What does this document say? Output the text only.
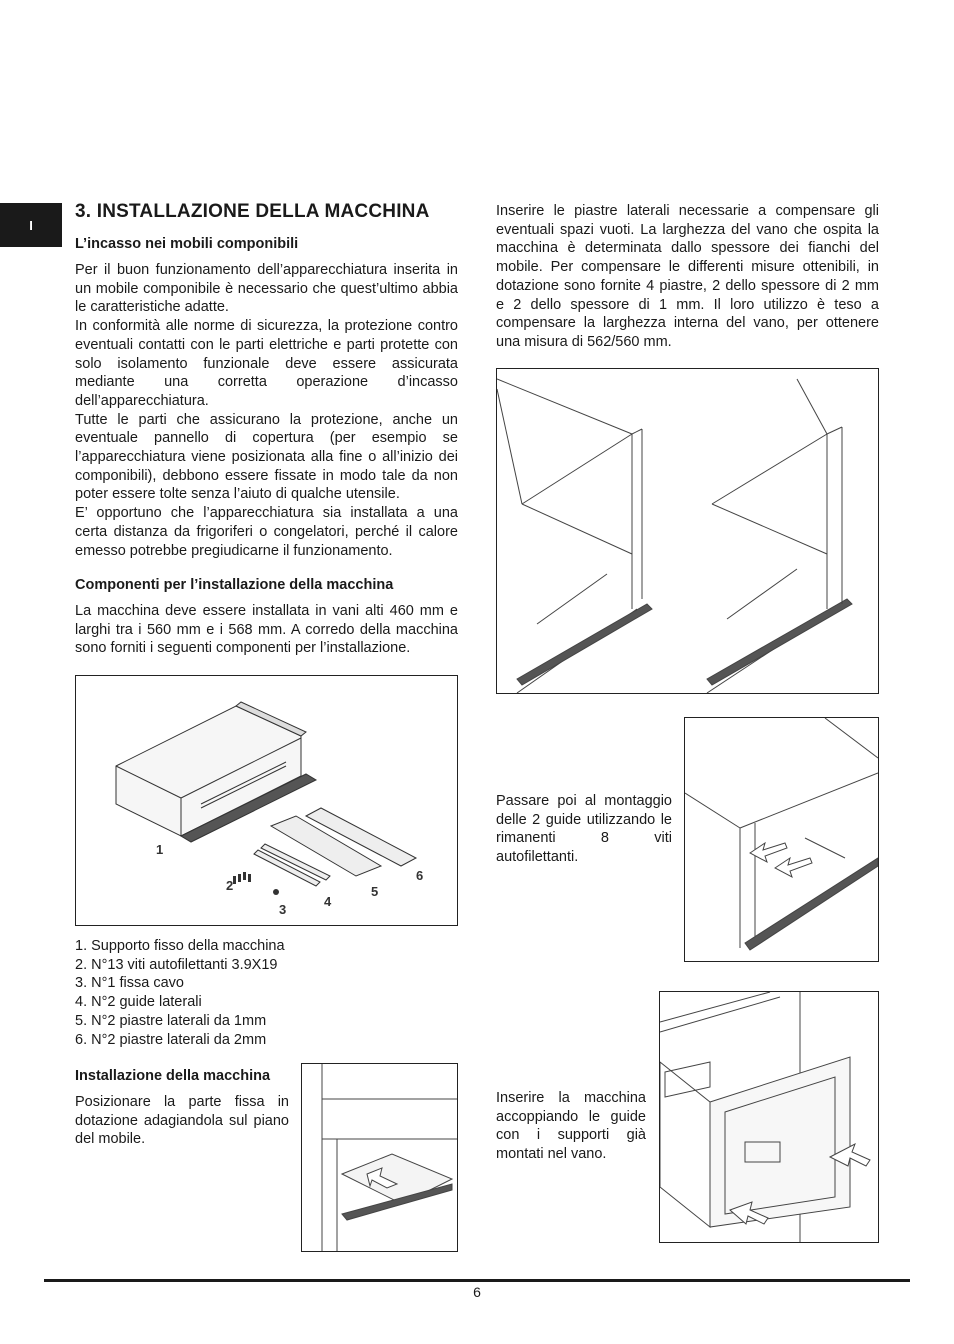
I
3. INSTALLAZIONE DELLA MACCHINA
L’incasso nei mobili componibili

Per il buon funzionamento dell’apparecchiatura inserita in un mobile componibile è necessario che quest’ultimo abbia le caratteristiche adatte.

In conformità alle norme di sicurezza, la protezione contro eventuali contatti con le parti elettriche e parti protette con solo isolamento funzionale deve essere assicurata mediante una corretta operazione d’incasso dell’apparecchiatura.

Tutte le parti che assicurano la protezione, anche un eventuale pannello di copertura (per esempio se l’apparecchiatura viene posizionata alla fine o all’inizio dei componibili), debbono essere fissate in modo tale da non poter essere tolte senza l’aiuto di qualche utensile.

E’ opportuno che l’apparecchiatura sia installata a una certa distanza da frigoriferi o congelatori, perché il calore emesso potrebbe pregiudicarne il funzionamento.

Componenti per l’installazione della macchina

La macchina deve essere installata in vani alti 460 mm e larghi tra i 560 mm e i 568 mm. A corredo della macchina sono forniti i seguenti componenti per l’installazione.

1
2
3
4
5
6
1. Supporto fisso della macchina
2. N°13 viti autofilettanti 3.9X19
3. N°1 fissa cavo
4. N°2 guide laterali
5. N°2 piastre laterali da 1mm
6. N°2 piastre laterali da 2mm
Installazione della macchina

Posizionare la parte fissa in dotazione adagiandola sul piano del mobile.

Inserire le piastre laterali necessarie a compensare gli eventuali spazi vuoti. La larghezza del vano che ospita la macchina è determinata dallo spessore dei fianchi del mobile. Per compensare le differenti misure ottenibili, in dotazione sono fornite 4 piastre, 2 dello spessore di 2 mm e 2 dello spessore di 1 mm. Il loro utilizzo è teso a compensare la larghezza interna del vano, per ottenere una misura di 562/560 mm.

Passare poi al montaggio delle 2 guide utilizzando le rimanenti 8 viti autofilettanti.

Inserire la macchina accoppiando le guide con i supporti già montati nel vano.

6
